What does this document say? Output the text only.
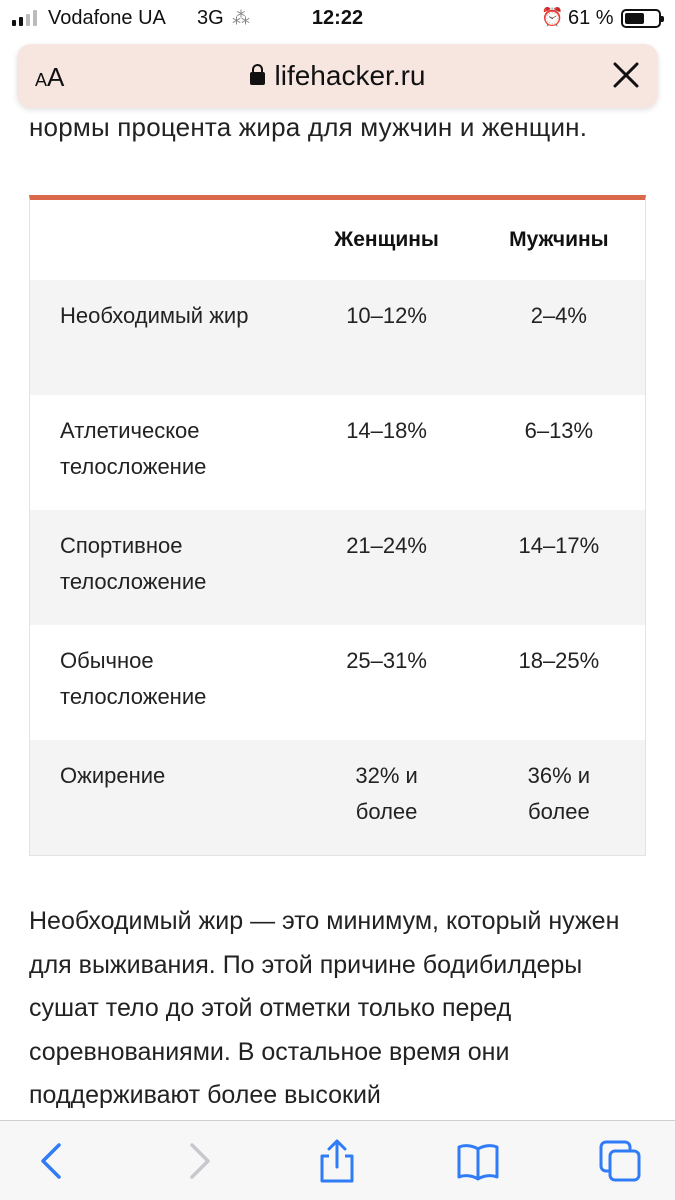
Vodafone UA 3G ⁂	12:22	⏰ 61 %
AA	lifehacker.ru
нормы процента жира для мужчин и женщин.
	Женщины	Мужчины
Необходимый жир	10–12%	2–4%
Атлетическое телосложение	14–18%	6–13%
Спортивное телосложение	21–24%	14–17%
Обычное телосложение	25–31%	18–25%
Ожирение	32% и более	36% и более
Необходимый жир — это минимум, который нужен для выживания. По этой причине бодибилдеры сушат тело до этой отметки только перед соревнованиями. В остальное время они поддерживают более высокий
